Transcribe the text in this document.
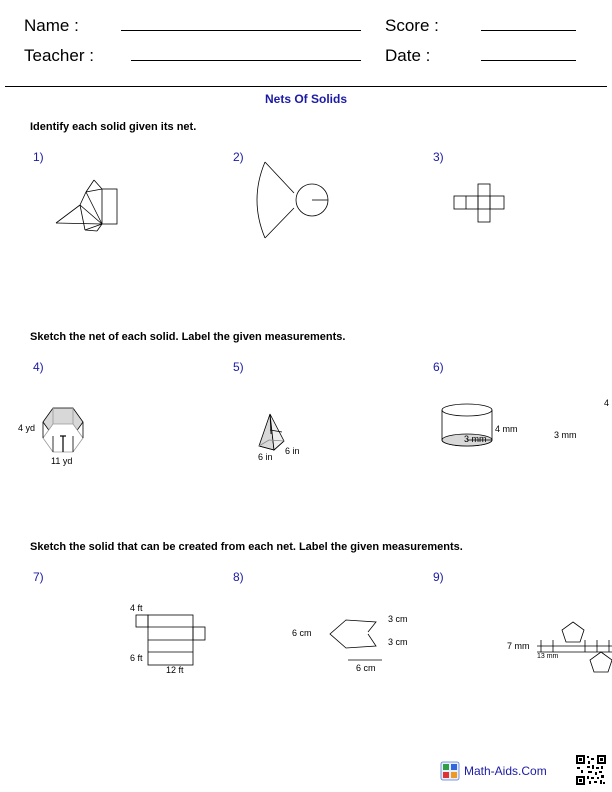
Name :
Teacher :
Score :
Date :
Nets Of Solids
Identify each solid given its net.
1)	2)	3)
Sketch the net of each solid. Label the given measurements.
4)	5)	6)
4 yd
11 yd	6 in
6 in
4 mm
3 mm	3 mm
4
Sketch the solid that can be created from each net. Label the given measurements.
7)	8)	9)
4 ft
6 ft
12 ft
6 cm
3 cm
3 cm
6 cm
7 mm
13 mm
Math-Aids.Com
